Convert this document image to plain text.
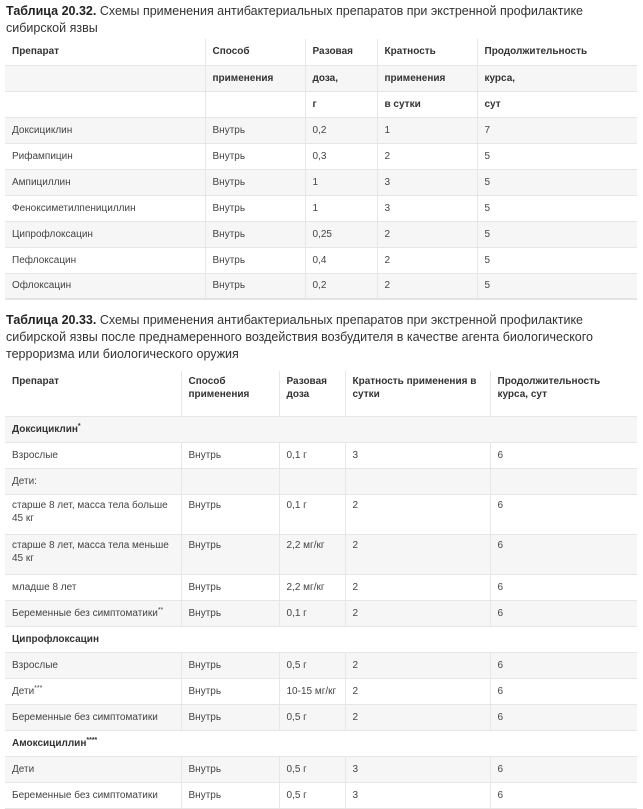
Таблица 20.32. Схемы применения антибактериальных препаратов при экстренной профилактике сибирской язвы
Препарат	Способ	Разовая	Кратность	Продолжительность
	применения	доза,	применения	курса,
		г	в сутки	сут
Доксициклин	Внутрь	0,2	1	7
Рифампицин	Внутрь	0,3	2	5
Ампициллин	Внутрь	1	3	5
Феноксиметилпенициллин	Внутрь	1	3	5
Ципрофлоксацин	Внутрь	0,25	2	5
Пефлоксацин	Внутрь	0,4	2	5
Офлоксацин	Внутрь	0,2	2	5
Таблица 20.33. Схемы применения антибактериальных препаратов при экстренной профилактике сибирской язвы после преднамеренного воздействия возбудителя в качестве агента биологического терроризма или биологического оружия
Препарат	Способ применения	Разовая доза	Кратность применения в сутки	Продолжительность курса, сут
Доксициклин*
Взрослые	Внутрь	0,1 г	3	6
Дети:				
старше 8 лет, масса тела больше 45 кг	Внутрь	0,1 г	2	6
старше 8 лет, масса тела меньше 45 кг	Внутрь	2,2 мг/кг	2	6
младше 8 лет	Внутрь	2,2 мг/кг	2	6
Беременные без симптоматики**	Внутрь	0,1 г	2	6
Ципрофлоксацин				
Взрослые	Внутрь	0,5 г	2	6
Дети***	Внутрь	10-15 мг/кг	2	6
Беременные без симптоматики	Внутрь	0,5 г	2	6
Амоксициллин****
Дети	Внутрь	0,5 г	3	6
Беременные без симптоматики	Внутрь	0,5 г	3	6
